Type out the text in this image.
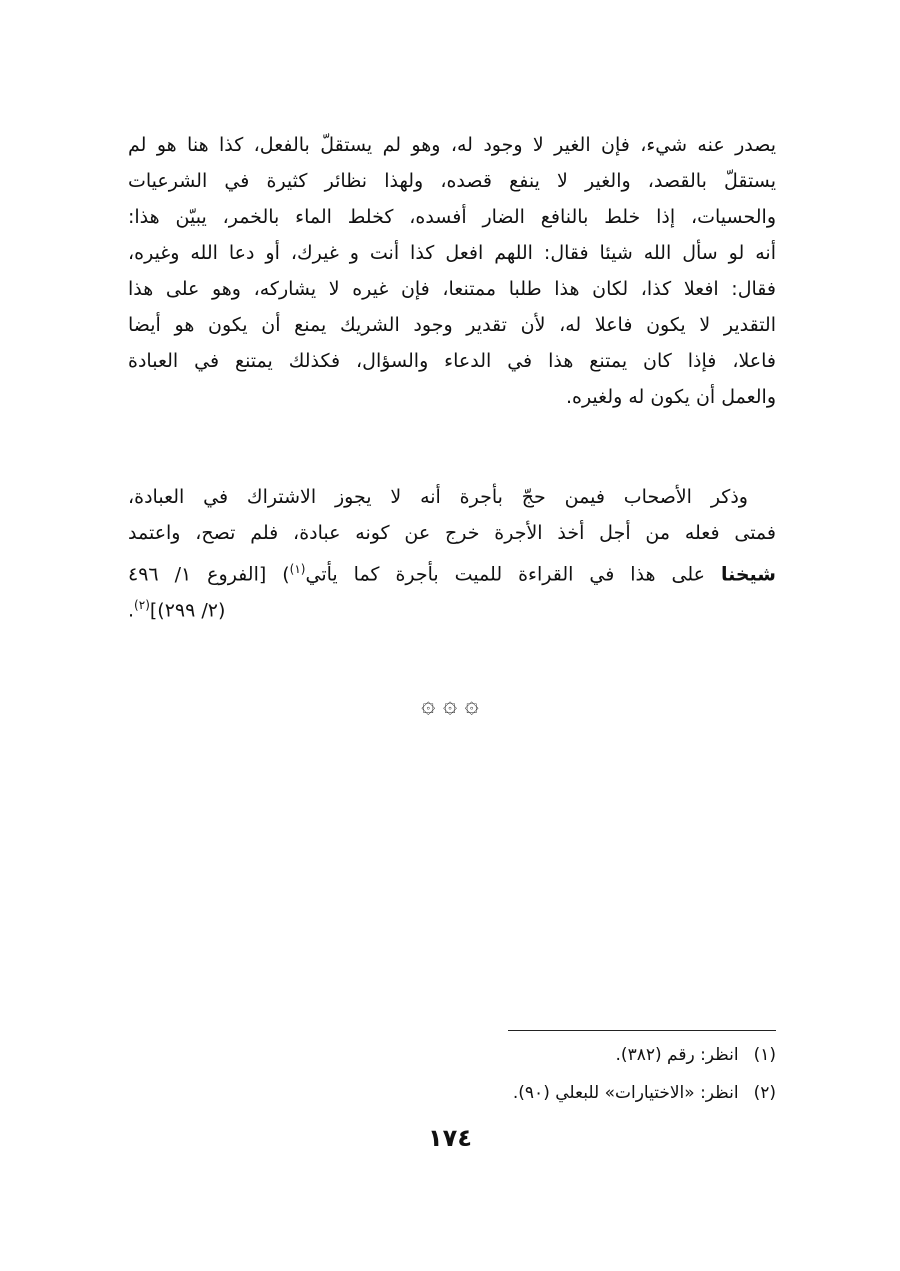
يصدر عنه شيء، فإن الغير لا وجود له، وهو لم يستقلّ بالفعل، كذا هنا هو لم
يستقلّ بالقصد، والغير لا ينفع قصده، ولهذا نظائر كثيرة في الشرعيات
والحسيات، إذا خلط بالنافع الضار أفسده، كخلط الماء بالخمر، يبيّن هذا:
أنه لو سأل الله شيئا فقال: اللهم افعل كذا أنت و غيرك، أو دعا الله وغيره،
فقال: افعلا كذا، لكان هذا طلبا ممتنعا، فإن غيره لا يشاركه، وهو على هذا
التقدير لا يكون فاعلا له، لأن تقدير وجود الشريك يمنع أن يكون هو أيضا
فاعلا، فإذا كان يمتنع هذا في الدعاء والسؤال، فكذلك يمتنع في العبادة
والعمل أن يكون له ولغيره.
وذكر الأصحاب فيمن حجّ بأجرة أنه لا يجوز الاشتراك في العبادة،
فمتى فعله من أجل أخذ الأجرة خرج عن كونه عبادة، فلم تصح، واعتمد
شيخنا على هذا في القراءة للميت بأجرة كما يأتي$^{(١)}$) [الفروع ١/ ٤٩٦
(٢/ ٢٩٩)]$^{(٢)}$.
۞ ۞ ۞
(١) انظر: رقم (٣٨٢).
(٢) انظر: «الاختيارات» للبعلي (٩٠).
١٧٤
